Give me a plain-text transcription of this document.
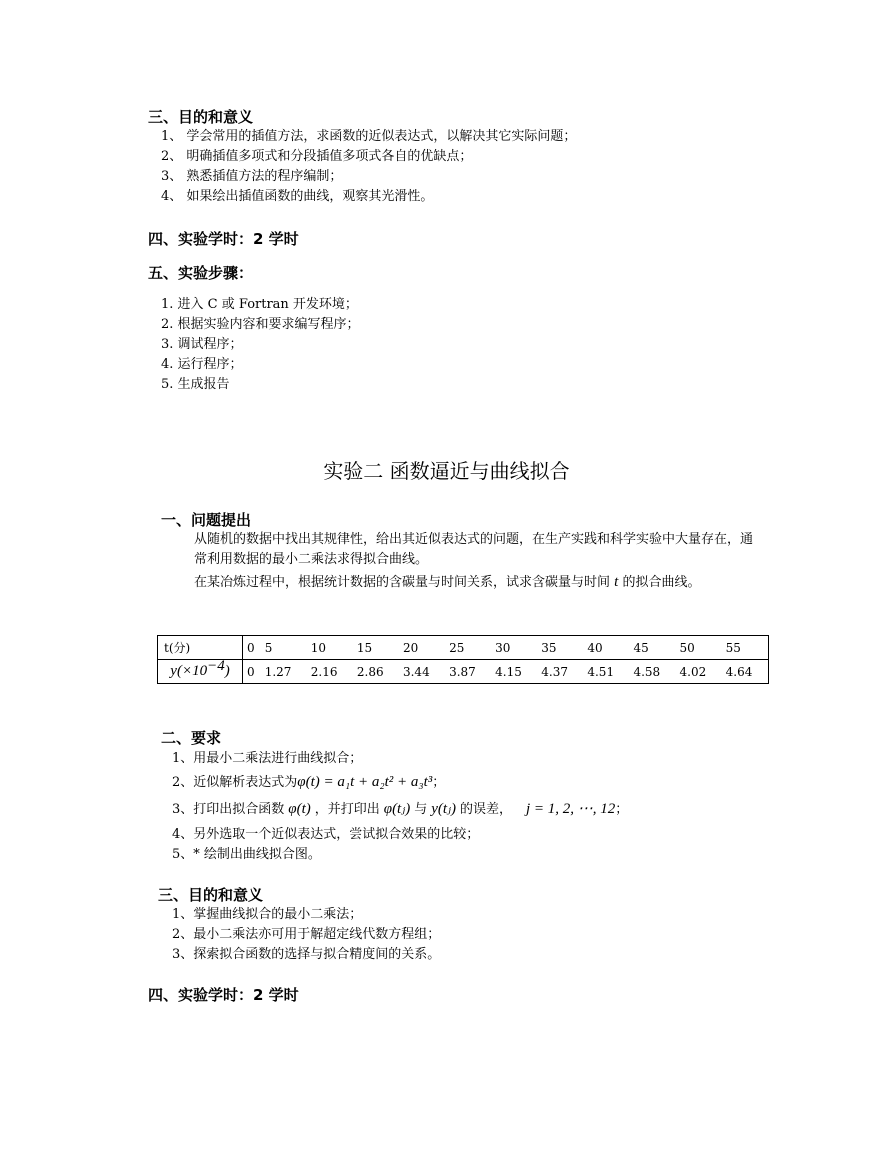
三、目的和意义
1、 学会常用的插值方法，求函数的近似表达式，以解决其它实际问题；
2、 明确插值多项式和分段插值多项式各自的优缺点；
3、 熟悉插值方法的程序编制；
4、 如果绘出插值函数的曲线，观察其光滑性。
四、实验学时：2 学时
五、实验步骤：
1. 进入 C 或 Fortran 开发环境；
2. 根据实验内容和要求编写程序；
3. 调试程序；
4. 运行程序；
5. 生成报告
实验二 函数逼近与曲线拟合
一、问题提出
从随机的数据中找出其规律性，给出其近似表达式的问题，在生产实践和科学实验中大量存在，通常利用数据的最小二乘法求得拟合曲线。
在某冶炼过程中，根据统计数据的含碳量与时间关系，试求含碳量与时间 t 的拟合曲线。
t(分)	0	5	10	15	20	25	30	35	40	45	50	55
$y(\times 10^{-4})$	0	1.27	2.16	2.86	3.44	3.87	4.15	4.37	4.51	4.58	4.02	4.64
二、要求
1、用最小二乘法进行曲线拟合；
2、近似解析表达式为φ(t) = a₁t + a₂t² + a₃t³；
3、打印出拟合函数 φ(t) ，并打印出 φ(tⱼ) 与 y(tⱼ) 的误差， j = 1, 2, ⋯, 12；
4、另外选取一个近似表达式，尝试拟合效果的比较；
5、* 绘制出曲线拟合图。
三、目的和意义
1、掌握曲线拟合的最小二乘法；
2、最小二乘法亦可用于解超定线代数方程组；
3、探索拟合函数的选择与拟合精度间的关系。
四、实验学时：2 学时
